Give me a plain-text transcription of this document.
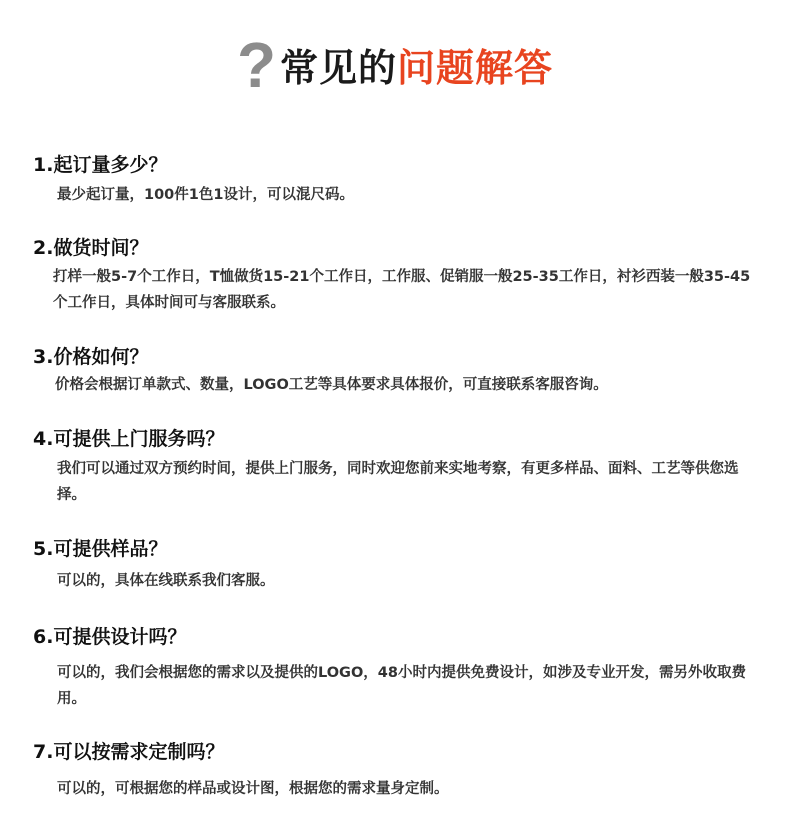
? 常见的 问题解答
1.起订量多少？
最少起订量，100件1色1设计，可以混尺码。
2.做货时间？
打样一般5-7个工作日，T恤做货15-21个工作日，工作服、促销服一般25-35工作日，衬衫西装一般35-45个工作日，具体时间可与客服联系。
3.价格如何？
价格会根据订单款式、数量，LOGO工艺等具体要求具体报价，可直接联系客服咨询。
4.可提供上门服务吗？
我们可以通过双方预约时间，提供上门服务，同时欢迎您前来实地考察，有更多样品、面料、工艺等供您选择。
5.可提供样品？
可以的，具体在线联系我们客服。
6.可提供设计吗？
可以的，我们会根据您的需求以及提供的LOGO，48小时内提供免费设计，如涉及专业开发，需另外收取费用。
7.可以按需求定制吗？
可以的，可根据您的样品或设计图，根据您的需求量身定制。
